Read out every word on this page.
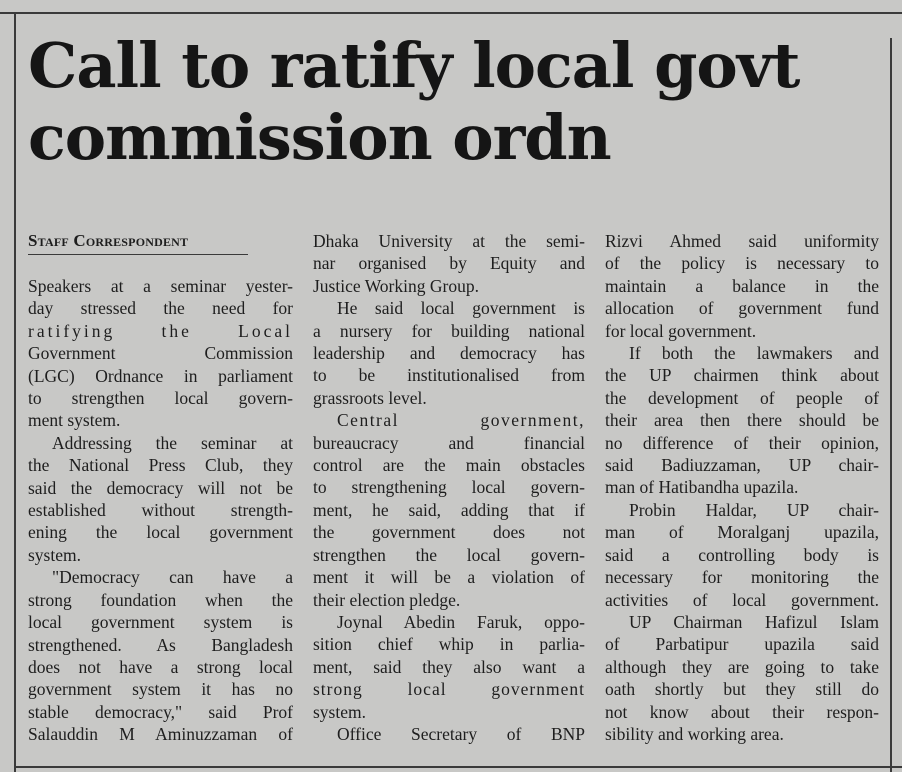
Call to ratify local govt
commission ordn
Staff Correspondent

Speakers at a seminar yester-

day stressed the need for

ratifying the Local

Government Commission

(LGC) Ordnance in parliament

to strengthen local govern-

ment system.

Addressing the seminar at

the National Press Club, they

said the democracy will not be

established without strength-

ening the local government

system.

"Democracy can have a

strong foundation when the

local government system is

strengthened. As Bangladesh

does not have a strong local

government system it has no

stable democracy," said Prof

Salauddin M Aminuzzaman of

Dhaka University at the semi-

nar organised by Equity and

Justice Working Group.

He said local government is

a nursery for building national

leadership and democracy has

to be institutionalised from

grassroots level.

Central government,

bureaucracy and financial

control are the main obstacles

to strengthening local govern-

ment, he said, adding that if

the government does not

strengthen the local govern-

ment it will be a violation of

their election pledge.

Joynal Abedin Faruk, oppo-

sition chief whip in parlia-

ment, said they also want a

strong local government

system.

Office Secretary of BNP

Rizvi Ahmed said uniformity

of the policy is necessary to

maintain a balance in the

allocation of government fund

for local government.

If both the lawmakers and

the UP chairmen think about

the development of people of

their area then there should be

no difference of their opinion,

said Badiuzzaman, UP chair-

man of Hatibandha upazila.

Probin Haldar, UP chair-

man of Moralganj upazila,

said a controlling body is

necessary for monitoring the

activities of local government.

UP Chairman Hafizul Islam

of Parbatipur upazila said

although they are going to take

oath shortly but they still do

not know about their respon-

sibility and working area.
